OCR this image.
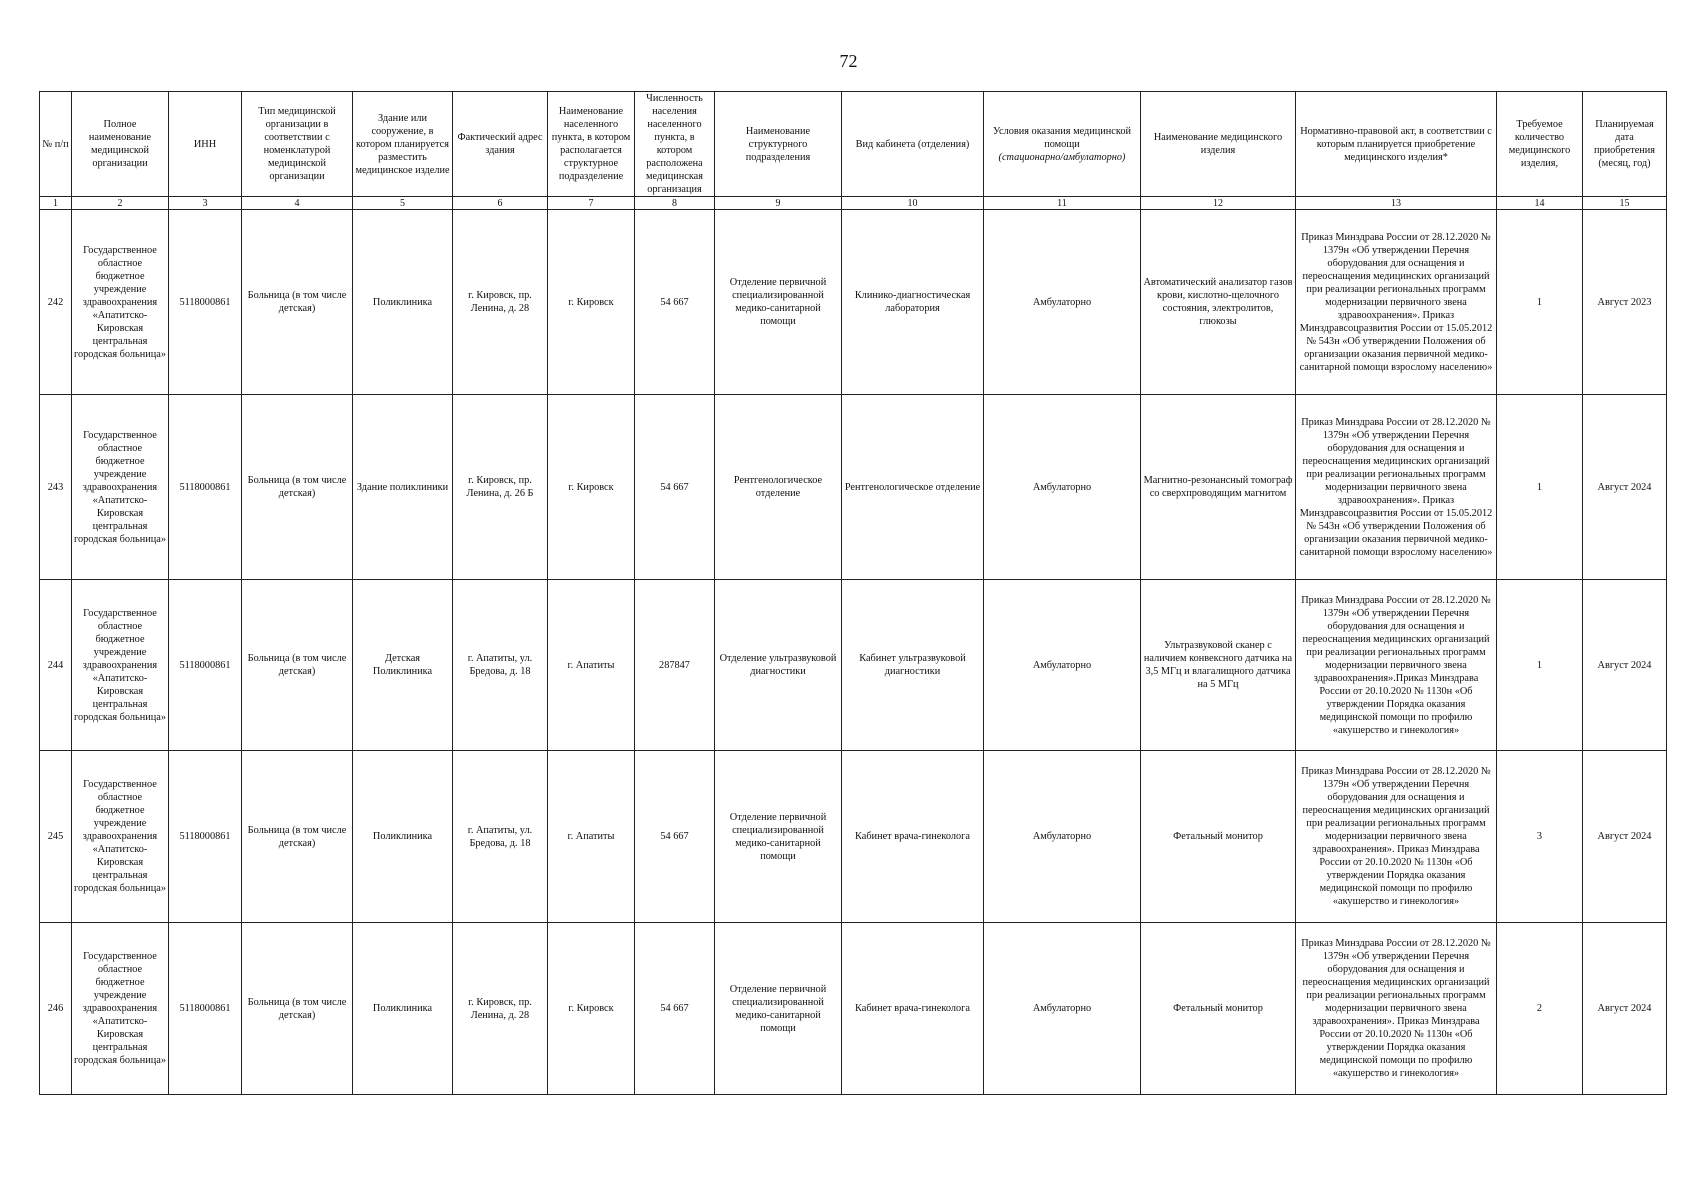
72
№ п/п	Полное наименование медицинской организации	ИНН	Тип медицинской организации в соответствии с номенклатурой медицинской организации	Здание или сооружение, в котором планируется разместить медицинское изделие	Фактический адрес здания	Наименование населенного пункта, в котором располагается структурное подразделение	Численность населения населенного пункта, в котором расположена медицинская организация	Наименование структурного подразделения	Вид кабинета (отделения)	Условия оказания медицинской помощи
(стационарно/амбулаторно)	Наименование медицинского изделия	Нормативно-правовой акт, в соответствии с которым планируется приобретение медицинского изделия*	Требуемое количество медицинского изделия,	Планируемая дата приобретения (месяц, год)
1	2	3	4	5	6	7	8	9	10	11	12	13	14	15
242	Государственное областное бюджетное учреждение здравоохранения «Апатитско-Кировская центральная городская больница»	5118000861	Больница (в том числе детская)	Поликлиника	г. Кировск, пр. Ленина, д. 28	г. Кировск	54 667	Отделение первичной специализированной медико-санитарной помощи	Клинико-диагностическая лаборатория	Амбулаторно	Автоматический анализатор газов крови, кислотно-щелочного состояния, электролитов, глюкозы	Приказ Минздрава России от 28.12.2020 № 1379н «Об утверждении Перечня оборудования для оснащения и переоснащения медицинских организаций при реализации региональных программ модернизации первичного звена здравоохранения». Приказ Минздравсоцразвития России от 15.05.2012 № 543н «Об утверждении Положения об организации оказания первичной медико-санитарной помощи взрослому населению»	1	Август 2023
243	Государственное областное бюджетное учреждение здравоохранения «Апатитско-Кировская центральная городская больница»	5118000861	Больница (в том числе детская)	Здание поликлиники	г. Кировск, пр. Ленина, д. 26 Б	г. Кировск	54 667	Рентгенологическое отделение	Рентгенологическое отделение	Амбулаторно	Магнитно-резонансный томограф со сверхпроводящим магнитом	Приказ Минздрава России от 28.12.2020 № 1379н «Об утверждении Перечня оборудования для оснащения и переоснащения медицинских организаций при реализации региональных программ модернизации первичного звена здравоохранения». Приказ Минздравсоцразвития России от 15.05.2012 № 543н «Об утверждении Положения об организации оказания первичной медико-санитарной помощи взрослому населению»	1	Август 2024
244	Государственное областное бюджетное учреждение здравоохранения «Апатитско-Кировская центральная городская больница»	5118000861	Больница (в том числе детская)	Детская Поликлиника	г. Апатиты, ул. Бредова, д. 18	г. Апатиты	287847	Отделение ультразвуковой диагностики	Кабинет ультразвуковой диагностики	Амбулаторно	Ультразвуковой сканер с наличием конвексного датчика на 3,5 МГц и влагалищного датчика на 5 МГц	Приказ Минздрава России от 28.12.2020 № 1379н «Об утверждении Перечня оборудования для оснащения и переоснащения медицинских организаций при реализации региональных программ модернизации первичного звена здравоохранения».Приказ Минздрава России от 20.10.2020 № 1130н «Об утверждении Порядка оказания медицинской помощи по профилю «акушерство и гинекология»	1	Август 2024
245	Государственное областное бюджетное учреждение здравоохранения «Апатитско-Кировская центральная городская больница»	5118000861	Больница (в том числе детская)	Поликлиника	г. Апатиты, ул. Бредова, д. 18	г. Апатиты	54 667	Отделение первичной специализированной медико-санитарной помощи	Кабинет врача-гинеколога	Амбулаторно	Фетальный монитор	Приказ Минздрава России от 28.12.2020 № 1379н «Об утверждении Перечня оборудования для оснащения и переоснащения медицинских организаций при реализации региональных программ модернизации первичного звена здравоохранения». Приказ Минздрава России от 20.10.2020 № 1130н «Об утверждении Порядка оказания медицинской помощи по профилю «акушерство и гинекология»	3	Август 2024
246	Государственное областное бюджетное учреждение здравоохранения «Апатитско-Кировская центральная городская больница»	5118000861	Больница (в том числе детская)	Поликлиника	г. Кировск, пр. Ленина, д. 28	г. Кировск	54 667	Отделение первичной специализированной медико-санитарной помощи	Кабинет врача-гинеколога	Амбулаторно	Фетальный монитор	Приказ Минздрава России от 28.12.2020 № 1379н «Об утверждении Перечня оборудования для оснащения и переоснащения медицинских организаций при реализации региональных программ модернизации первичного звена здравоохранения». Приказ Минздрава России от 20.10.2020 № 1130н «Об утверждении Порядка оказания медицинской помощи по профилю «акушерство и гинекология»	2	Август 2024
